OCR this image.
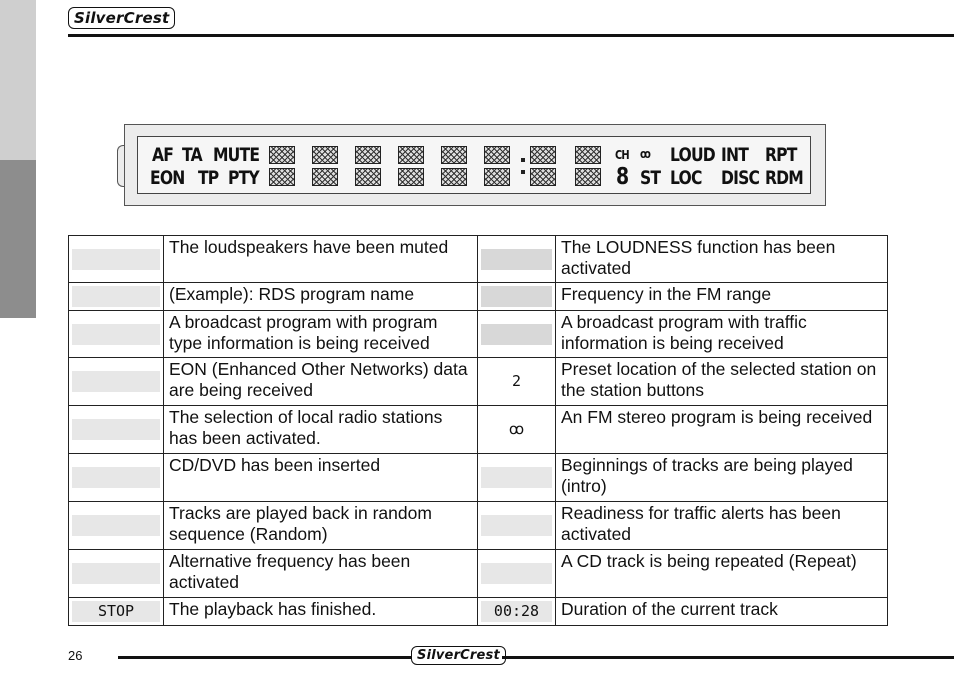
SilverCrest
AF TA MUTE	CH ꝏ LOUD INT RPT
EON TP PTY	8 ST LOC DISC RDM
	The loudspeakers have been muted		The LOUDNESS function has been activated

	(Example): RDS program name		Frequency in the FM range

	A broadcast program with program type information is being received		A broadcast program with traffic information is being received

	EON (Enhanced Other Networks) data are being received	2	Preset location of the selected station on the station buttons

	The selection of local radio stations has been activated.	ꝏ	An FM stereo program is being received

	CD/DVD has been inserted		Beginnings of tracks are being played (intro)

	Tracks are played back in random sequence (Random)		Readiness for traffic alerts has been activated

	Alternative frequency has been activated		A CD track is being repeated (Repeat)

STOP	The playback has finished.	00:28	Duration of the current track
26	SilverCrest
